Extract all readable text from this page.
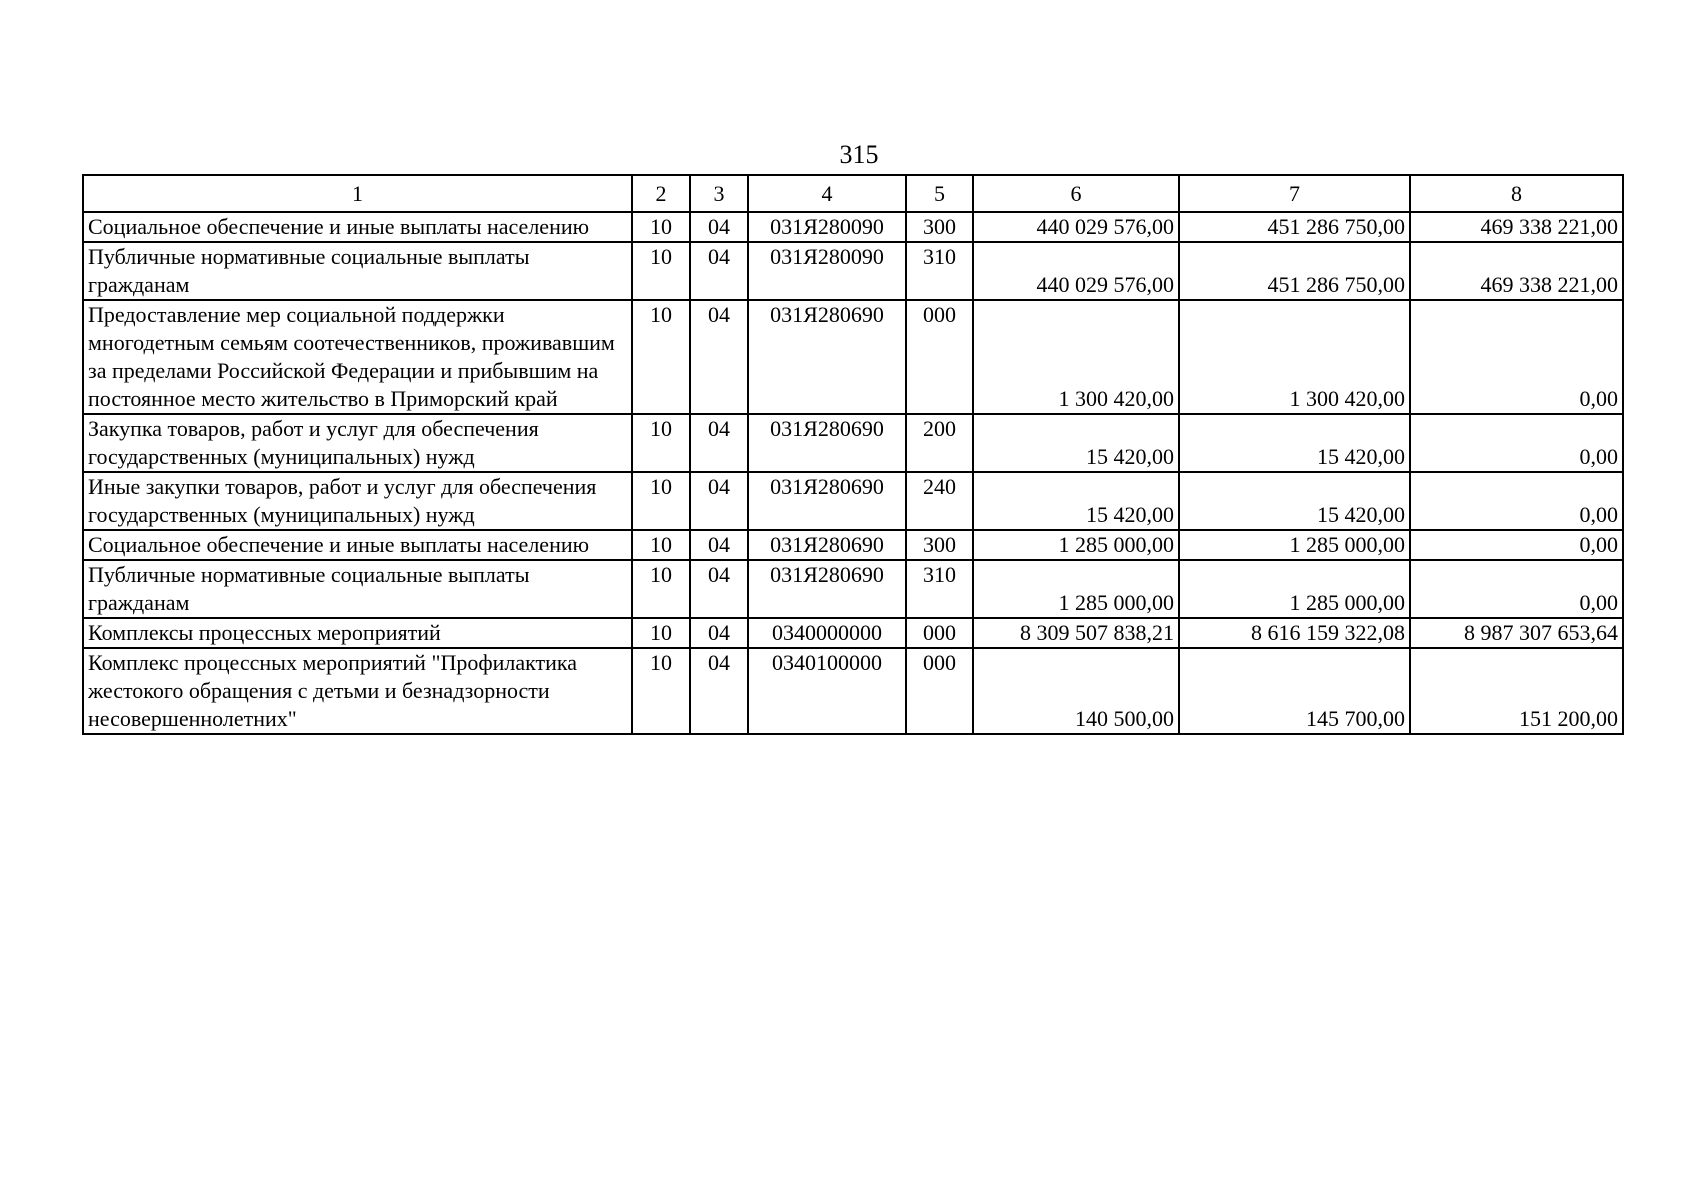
315
1	2	3	4	5	6	7	8
Социальное обеспечение и иные выплаты населению	10	04	031Я280090	300	440 029 576,00	451 286 750,00	469 338 221,00
Публичные нормативные социальные выплаты гражданам	10	04	031Я280090	310	440 029 576,00	451 286 750,00	469 338 221,00
Предоставление мер социальной поддержки многодетным семьям соотечественников, проживавшим за пределами Российской Федерации и прибывшим на постоянное место жительство в Приморский край	10	04	031Я280690	000	1 300 420,00	1 300 420,00	0,00
Закупка товаров, работ и услуг для обеспечения государственных (муниципальных) нужд	10	04	031Я280690	200	15 420,00	15 420,00	0,00
Иные закупки товаров, работ и услуг для обеспечения государственных (муниципальных) нужд	10	04	031Я280690	240	15 420,00	15 420,00	0,00
Социальное обеспечение и иные выплаты населению	10	04	031Я280690	300	1 285 000,00	1 285 000,00	0,00
Публичные нормативные социальные выплаты гражданам	10	04	031Я280690	310	1 285 000,00	1 285 000,00	0,00
Комплексы процессных мероприятий	10	04	0340000000	000	8 309 507 838,21	8 616 159 322,08	8 987 307 653,64
Комплекс процессных мероприятий "Профилактика жестокого обращения с детьми и безнадзорности несовершеннолетних"	10	04	0340100000	000	140 500,00	145 700,00	151 200,00
